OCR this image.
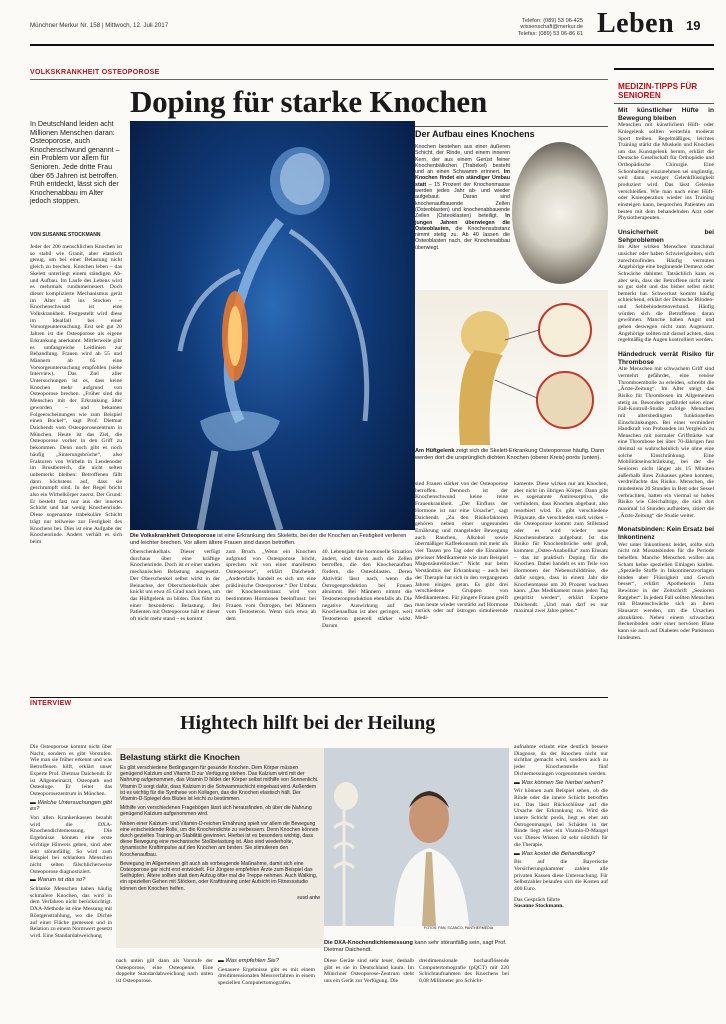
Münchner Merkur Nr. 158 | Mittwoch, 12. Juli 2017
Telefon: (089) 53 06-425
wissenschaft@merkur.de
Telefax: (089) 53 06-86 61 Leben 19
VOLKSKRANKHEIT OSTEOPOROSE
Doping für starke Knochen
In Deutschland leiden acht Millionen Menschen daran: Osteoporose, auch Knochenschwund genannt – ein Problem vor allem für Senioren. Jede dritte Frau über 65 Jahren ist betroffen. Früh entdeckt, lässt sich der Knochenabbau im Alter jedoch stoppen.
VON SUSANNE STOCKMANN
Jeder der 206 menschlichen Knochen ist so stabil wie Granit, aber elastisch genug, um bei einer Belastung nicht gleich zu brechen. Knochen leben – das Skelett unterliegt einem ständigen Ab- und Aufbau. Im Laufe des Lebens wird es mehrmals rundumerneuert. Doch dieser komplizierte Mechanismus gerät im Alter oft ins Stocken – Knochenschwund ist eine Volkskrankheit. Festgestellt wird diese im Idealfall bei einer Vorsorgeuntersuchung. Erst seit gut 20 Jahren ist die Osteoporose als eigene Erkrankung anerkannt. Mittlerweile gibt es umfangreiche Leitlinien zur Behandlung. Frauen wird ab 55 und Männern ab 65 eine Vorsorgeuntersuchung empfohlen (siehe Interview). Das Ziel aller Untersuchungen ist es, dass keine Knochen mehr aufgrund von Osteoporose brechen. „Früher sind die Menschen mit der Erkrankung älter geworden – und bekamen Folgeerscheinungen wie zum Beispiel einen Buckel“, sagt Prof. Dietmar Daichendt vom Osteoporosezentrum in München. Heute ist das Ziel, die Osteoporose vorher in den Griff zu bekommen. Denn noch gibt es noch häufig „Sinterungsbrüche“, also Frakturen von Wirbeln in Lendenoder im Brustbereich, die nicht selten unbemerkt bleiben: Betroffenen fällt dann höchstens auf, dass sie geschrumpft sind. In der Regel bricht also ein Wirbelkörper zuerst. Der Grund: Er besteht fast nur aus der inneren Schicht und hat wenig Knochenrinde. Diese sogenannte trabekuläre Schicht trägt nur teilweise zur Festigkeit des Knochens bei. Dies ist eine Aufgabe der Knochenrinde. Anders verhält es sich beim
Die Volkskrankheit Osteoporose ist eine Erkrankung des Skeletts, bei der die Knochen an Festigkeit verlieren und leichter brechen. Vor allem ältere Frauen sind davon betroffen.
Der Aufbau eines Knochens
Knochen bestehen aus einer äußeren Schicht, der Rinde, und einem inneren Kern, der aus einem Gerüst feiner Knochenbälkchen (Trabekel) besteht und an einen Schwamm erinnert. Im Knochen findet ein ständiger Umbau statt – 15 Prozent der Knochenmasse werden jedes Jahr ab- und wieder aufgebaut. Daran sind knochenaufbauende Zellen (Osteoblasten) und knochenabbauende Zellen (Osteoklasten) beteiligt. In jungen Jahren überwiegen die Osteoblasten, die Knochensubstanz nimmt stetig zu. Ab 40 lassen die Osteoblasten nach, der Knochenabbau überwiegt.
Am Hüftgelenk zeigt sich die Skelett-Erkrankung Osteoporose häufig. Dann werden dort die ursprünglich dichten Knochen (oberer Kreis) porös (unten).
Oberschenkelhals. Dieser verfügt durchaus über eine kräftige Knochenrinde. Doch ist er einer starken mechanischen Belastung ausgesetzt. Der Oberschenkel selbst wirkt in der Beinachse, der Oberschenkelhals aber knickt um etwa 45 Grad nach innen, um das Hüftgelenk zu bilden. Das führt zu einer besonderen Belastung. Bei Patienten mit Osteoporose hält er dieser oft nicht mehr stand – es kommt
zum Bruch. „Wenn ein Knochen aufgrund von Osteoporose bricht, sprechen wir von einer manifesten Osteoporose“, erklärt Daichendt. „Andernfalls handelt es sich um eine präklinische Osteoporose.“ Der Umbau der Knochensubstanz wird von bestimmten Hormonen beeinflusst: bei Frauen vom Östrogen, bei Männern vom Testosteron. Wenn sich etwa ab dem
40. Lebensjahr die hormonelle Situation ändert, sind davon auch die Zellen betroffen, die den Knochenaufbau fördern, die Osteoblasten. Deren Aktivität lässt nach, wenn die Östrogenproduktion bei Frauen abnimmt. Bei Männern nimmt die Testosteronproduktion ebenfalls ab. Die negative Auswirkung auf den Knochenaufbau ist aber geringer, weil Testosteron generell stärker wirkt. Darum
sind Frauen stärker von der Osteoporose betroffen. Dennoch ist der Knochenschwund keine reine Frauenkrankheit. „Der Einfluss der Hormone ist nur eine Ursache“, sagt Daichendt. „Zu den Risikofaktoren gehören neben einer ungesunden Ernährung und mangelnder Bewegung auch Rauchen, Alkohol sowie übermäßiger Kaffeekonsum mit mehr als vier Tassen pro Tag oder die Einnahme gewisser Medikamente wie zum Beispiel Magensäureblocker.“ Nicht nur beim Verständnis der Erkrankung – auch bei der Therapie hat sich in den vergangenen Jahren einiges getan. Es gibt drei verschiedene Gruppen von Medikamenten. Für jüngere Frauen greift man heute wieder verstärkt auf Hormone zurück oder auf östrogen simulierende Medi-
kamente. Diese wirken nur am Knochen, aber nicht im übrigen Körper. Dann gibt es sogenannte Antiresorptiva, die verhindern, dass Knochen abgebaut, also resorbiert wird. Es gibt verschiedene Präparate, die verschieden stark wirken – die Osteoporose kommt zum Stillstand oder es wird wieder neue Knochensubstanz aufgebaut. Ist das Risiko für Knochenbrüche sehr groß, kommen „Osteo-Anabolika“ zum Einsatz – das ist praktisch Doping für die Knochen. Dabei handelt es um Teile von Hormonen der Nebenschilddrüse, die dafür sorgen, dass in einem Jahr die Knochenmasse um 20 Prozent wachsen kann. „Das Medikament muss jeden Tag gespritzt werden“, erklärt Experte Daichendt. „Und man darf es nur maximal zwei Jahre geben.“
MEDIZIN-TIPPS FÜR SENIOREN
Mit künstlicher Hüfte in Bewegung bleiben
Menschen mit künstlichem Hüft- oder Kniegelenk sollten weiterhin moderat Sport treiben. Regelmäßiges, leichtes Training stärkt die Muskeln und Knochen um das Kunstgelenk herum, erklärt die Deutsche Gesellschaft für Orthopädie und Orthopädische Chirurgie. Eine Schonhaltung einzunehmen sei ungünstig, weil dann weniger Gelenkflüssigkeit produziert wird. Das lässt Gelenke verschleißen. Wie man nach einer Hüft- oder Knieoperation wieder ins Training einsteigen kann, besprechen Patienten am besten mit dem behandelnden Arzt oder Physiotherapeuten.
Unsicherheit bei Sehproblemen
Im Alter wirken Menschen manchmal unsicher oder haben Schwierigkeiten, sich zurechtzufinden. Häufig vermuten Angehörige eine beginnende Demenz oder Schwäche dahinter. Tatsächlich kann es aber sein, dass der Betroffene nicht mehr so gut sieht und das bisher selbst nicht bemerkt hat. Schwerlust kommt häufig schleichend, erklärt der Deutsche Blinden- und Sehbehindertenverband. Häufig würden sich die Betroffenen daran gewöhnen. Manche haben Angst und gehen deswegen nicht zum Augenarzt. Angehörige sollten mit darauf achten, dass regelmäßig die Augen kontrolliert werden.
Händedruck verrät Risiko für Thrombose
Alte Menschen mit schwachem Griff sind vermehrt gefährdet, eine venöse Thromboembolie zu erleiden, schreibt die „Ärzte-Zeitung“. Im Alter steigt das Risiko für Thrombosen im Allgemeinen stetig an. Besonders gefährdet seien einer Fall-Kontroll-Studie zufolge Menschen mit altersbedingten funktionellen Einschränkungen. Bei einer vermindert Handkraft von Probanden im Vergleich zu Menschen mit normaler Griffstärke war eine Thrombose bei über 70-Jährigen fast dreimal so wahrscheinlich wie ohne eine solche Einschränkung. Eine Mobilitätseinschränkung, bei der die Senioren nicht länger als 15 Minuten außerhalb ihres Zuhauses gehen konnten, verdreifachte das Risiko. Menschen, die mindestens 20 Stunden in Bett oder Sessel verbrachten, hatten ein viermal so hohes Risiko wie Gleichaltrige, die sich dort maximal 14 Stunden aufhielten, zitiert die „Ärzte-Zeitung“ die Studie weiter.
Monatsbinden: Kein Ersatz bei Inkontinenz
Wer unter Inkontinenz leidet, sollte sich nicht mit Monatsbinden für die Periode behelfen. Manche Menschen wollen aus Scham keine speziellen Einlagen kaufen. „Spezielle Stoffe in Inkontinenzvorlagen binden aber Flüssigkeit und Geruch besser“, erklärt Apothekerin Jutta Rewitzer in der Zeitschrift „Senioren Ratgeber“. In jedem Fall sollten Menschen mit Blasenschwäche sich an ihren Hausarzt wenden, um die Ursachen abzuklären. Neben einem schwachen Beckenboden oder einer nervösen Blase kann sie auch auf Diabetes oder Parkinson hindeuten.
INTERVIEW
Hightech hilft bei der Heilung
Die Osteoporose kommt nicht über Nacht, sondern es gibt Vorstufen. Wie man sie früher erkennt und was Betroffenen hilft, erklärt unser Experte Prof. Dietmar Daichendt. Er ist Allgemeinarzt, Osteopath und Osteologe. Er leitet das Osteoporosezentrum in München.
▬ Welche Untersuchungen gibt es?
Von allen Krankenkassen bezahlt wird die DXA-Knochendichtemessung. Die Ergebnisse können eine erste wichtige Hinweis geben, sind aber sehr störanfällig. So wird zum Beispiel bei schlanken Menschen nicht selten fälschlicherweise Osteoporose diagnostiziert.
▬ Warum ist das so?
Schlanke Menschen haben häufig schmalere Knochen, das wird in dem Verfahren nicht berücksichtigt. DXA-Methode ist eine Messung mit Röntgenstrahlung, wo die Dichte auf einer Fläche gemessen und in Relation zu einem Normwert gesetzt wird. Eine Standardabweichung
Belastung stärkt die Knochen

Es gibt verschiedene Bedingungen für gesunde Knochen. Dem Körper müssen genügend Kalzium und Vitamin D zur Verfügung stehen. Das Kalzium wird mit der Nahrung aufgenommen, das Vitamin D bildet der Körper selbst mithilfe von Sonnenlicht. Vitamin D sorgt dafür, dass Kalzium in die Schwammschicht eingebaut wird. Außerdem ist es wichtig für die Synthese von Kollagen, das die Knochen elastisch hält. Der Vitamin-D-Spiegel des Blutes ist leicht zu bestimmen.

Mithilfe von verschiedenen Fragebögen lässt sich herausfinden, ob über die Nahrung genügend Kalzium aufgenommen wird.

Neben einer Kalzium- und Vitamin-D-reichen Ernährung spielt vor allem die Bewegung eine entscheidende Rolle, um die Knochendichte zu verbessern. Denn Knochen können durch gezieltes Training an Stabilität gewinnen. Hierbei ist es besonders wichtig, dass diese Bewegung eine mechanische Stoßbelastung ist. Also sind wiederholte, dynamische Kraftimpulse auf den Knochen am besten. Sie stimulieren den Knochenaufbau.

Bewegung im Allgemeinen gilt auch als vorbeugende Maßnahme, damit sich eine Osteoporose gar nicht erst entwickelt. Für Jüngere empfehlen Ärzte zum Beispiel das Seilhüpfen. Ältere sollten statt dem Aufzug öfter mal die Treppe nehmen. Auch Walking, ein speziellen Gehen mit Stöcken, oder Krafttraining unter Aufsicht im Fitnessstudio können den Knochen helfen.

susd antw

Die DXA-Knochendichtemessung kann sehr störanfällig sein, sagt Prof. Dietmar Daichendt.
FOTOS: PAN, SCANCO, PANTHERMEDIA
nach unten gilt dann als Vorstufe der Osteoporose, eine Osteopenie. Eine doppelte Standardabweichung nach unten ist Osteoporose.
▬ Was empfehlen Sie?
Genauere Ergebnisse gibt es mit einem dreidimensionalen Messverfahren in einem speziellen Computertomografen.
Diese Geräte sind sehr teuer, deshalb gibt es sie in Deutschland kaum. Im Münchner Osteoporose-Zentrum steht uns ein Gerät zur Verfügung. Die
dreidimensionale hochauflösende Computertomografie (pQCT) mit 220 Schichtaufnahmen des Knochens bei 0,08 Millimeter pro Schicht-
aufnahme erlaubt eine deutlich bessere Diagnose, da der Knochen nicht nur sichtbar gemacht wird, sondern auch zu jeder Knochenstelle fünf Dichtemessungen vorgenommen werden.
▬ Was können Sie hierbei sehen?
Wir können zum Beispiel sehen, ob die Rinde oder die innere Schicht betroffen ist. Das lässt Rückschlüsse auf die Ursache der Erkrankung zu. Wird die innere Schicht porös, liegt es eher am Östrogenmangel, bei Schäden in der Rinde liegt eher ein Vitamin-D-Mangel vor. Dieses Wissen ist sehr nützlich für die Therapie.
▬ Was kostet die Behandlung?
Bis auf die Bayerische Versicherungskammer zahlen alle privaten Kassen diese Untersuchung. Für Selbstzahler belaufen sich die Kosten auf 400 Euro.
Das Gespräch führte
Susanne Stockmann.
